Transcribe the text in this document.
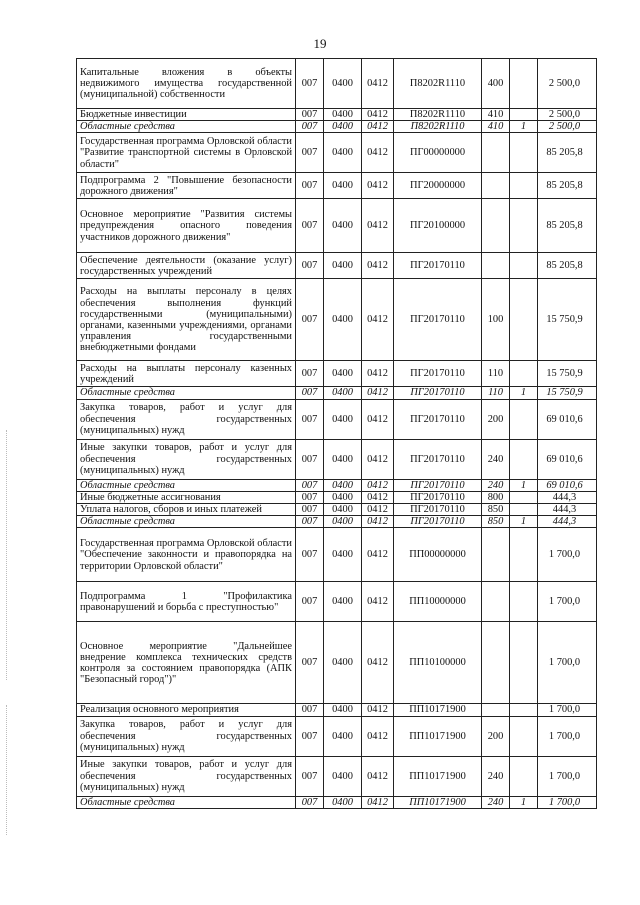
19
Капитальные вложения в объекты недвижимого имущества государственной (муниципальной) собственности	007	0400	0412	П8202R1110	400		2 500,0
Бюджетные инвестиции	007	0400	0412	П8202R1110	410		2 500,0
Областные средства	007	0400	0412	П8202R1110	410	1	2 500,0
Государственная программа Орловской области "Развитие транспортной системы в Орловской области"	007	0400	0412	ПГ00000000			85 205,8
Подпрограмма 2 "Повышение безопасности дорожного движения"	007	0400	0412	ПГ20000000			85 205,8
Основное мероприятие "Развития системы предупреждения опасного поведения участников дорожного движения"	007	0400	0412	ПГ20100000			85 205,8
Обеспечение деятельности (оказание услуг) государственных учреждений	007	0400	0412	ПГ20170110			85 205,8
Расходы на выплаты персоналу в целях обеспечения выполнения функций государственными (муниципальными) органами, казенными учреждениями, органами управления государственными внебюджетными фондами	007	0400	0412	ПГ20170110	100		15 750,9
Расходы на выплаты персоналу казенных учреждений	007	0400	0412	ПГ20170110	110		15 750,9
Областные средства	007	0400	0412	ПГ20170110	110	1	15 750,9
Закупка товаров, работ и услуг для обеспечения государственных (муниципальных) нужд	007	0400	0412	ПГ20170110	200		69 010,6
Иные закупки товаров, работ и услуг для обеспечения государственных (муниципальных) нужд	007	0400	0412	ПГ20170110	240		69 010,6
Областные средства	007	0400	0412	ПГ20170110	240	1	69 010,6
Иные бюджетные ассигнования	007	0400	0412	ПГ20170110	800		444,3
Уплата налогов, сборов и иных платежей	007	0400	0412	ПГ20170110	850		444,3
Областные средства	007	0400	0412	ПГ20170110	850	1	444,3
Государственная программа Орловской области "Обеспечение законности и правопорядка на территории Орловской области"	007	0400	0412	ПП00000000			1 700,0
Подпрограмма 1 "Профилактика правонарушений и борьба с преступностью"	007	0400	0412	ПП10000000			1 700,0
Основное мероприятие "Дальнейшее внедрение комплекса технических средств контроля за состоянием правопорядка (АПК "Безопасный город")"	007	0400	0412	ПП10100000			1 700,0
Реализация основного мероприятия	007	0400	0412	ПП10171900			1 700,0
Закупка товаров, работ и услуг для обеспечения государственных (муниципальных) нужд	007	0400	0412	ПП10171900	200		1 700,0
Иные закупки товаров, работ и услуг для обеспечения государственных (муниципальных) нужд	007	0400	0412	ПП10171900	240		1 700,0
Областные средства	007	0400	0412	ПП10171900	240	1	1 700,0
